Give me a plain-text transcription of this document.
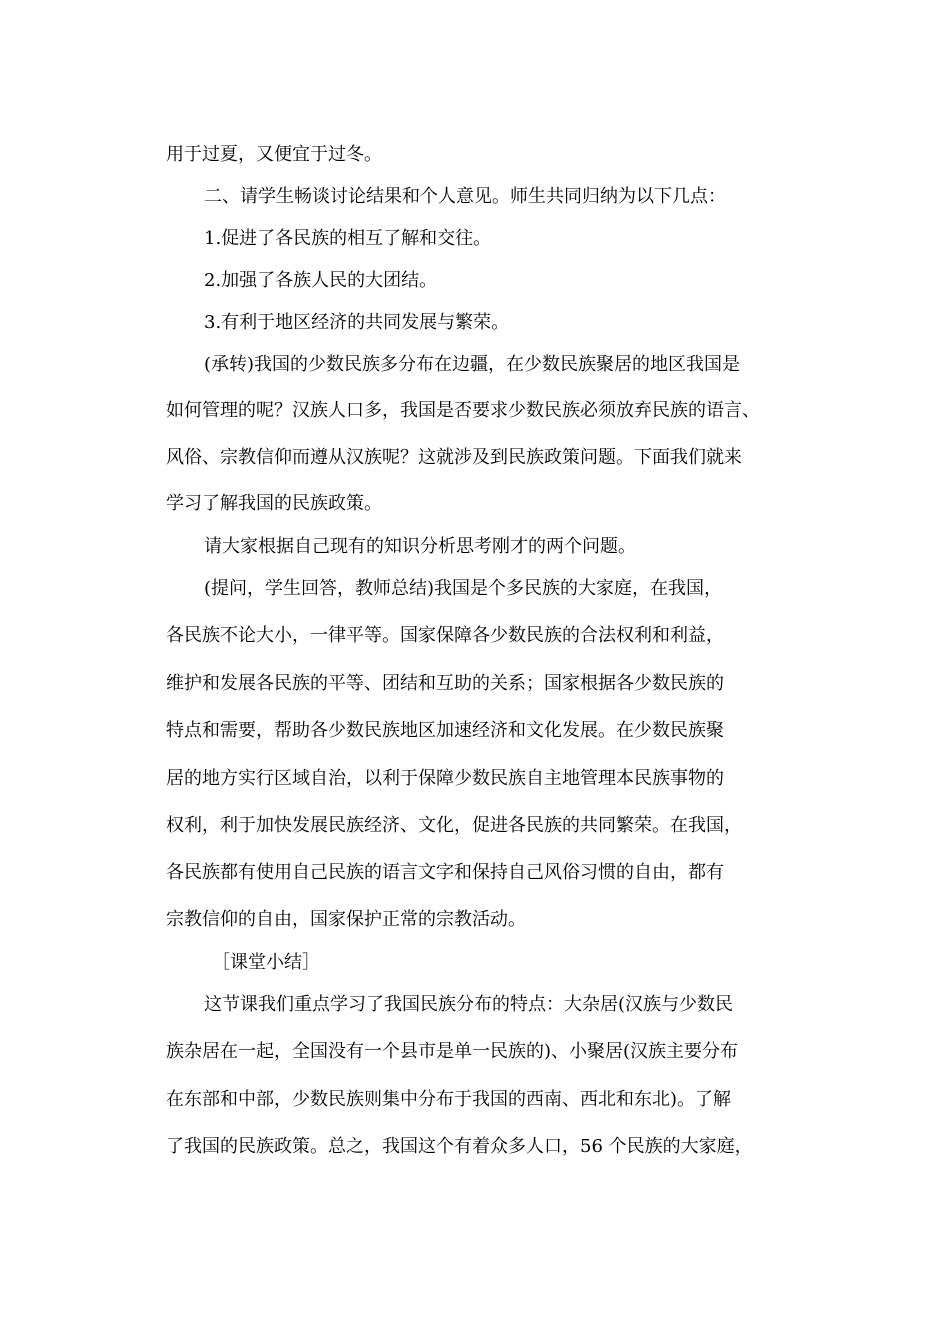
用于过夏，又便宜于过冬。
二、请学生畅谈讨论结果和个人意见。师生共同归纳为以下几点：
1.促进了各民族的相互了解和交往。
2.加强了各族人民的大团结。
3.有利于地区经济的共同发展与繁荣。
(承转)我国的少数民族多分布在边疆，在少数民族聚居的地区我国是
如何管理的呢？汉族人口多，我国是否要求少数民族必须放弃民族的语言、
风俗、宗教信仰而遵从汉族呢？这就涉及到民族政策问题。下面我们就来
学习了解我国的民族政策。
请大家根据自己现有的知识分析思考刚才的两个问题。
(提问，学生回答，教师总结)我国是个多民族的大家庭，在我国，
各民族不论大小，一律平等。国家保障各少数民族的合法权利和利益，
维护和发展各民族的平等、团结和互助的关系；国家根据各少数民族的
特点和需要，帮助各少数民族地区加速经济和文化发展。在少数民族聚
居的地方实行区域自治，以利于保障少数民族自主地管理本民族事物的
权利，利于加快发展民族经济、文化，促进各民族的共同繁荣。在我国，
各民族都有使用自己民族的语言文字和保持自己风俗习惯的自由，都有
宗教信仰的自由，国家保护正常的宗教活动。
［课堂小结］
这节课我们重点学习了我国民族分布的特点：大杂居(汉族与少数民
族杂居在一起，全国没有一个县市是单一民族的)、小聚居(汉族主要分布
在东部和中部，少数民族则集中分布于我国的西南、西北和东北)。了解
了我国的民族政策。总之，我国这个有着众多人口，56 个民族的大家庭，
